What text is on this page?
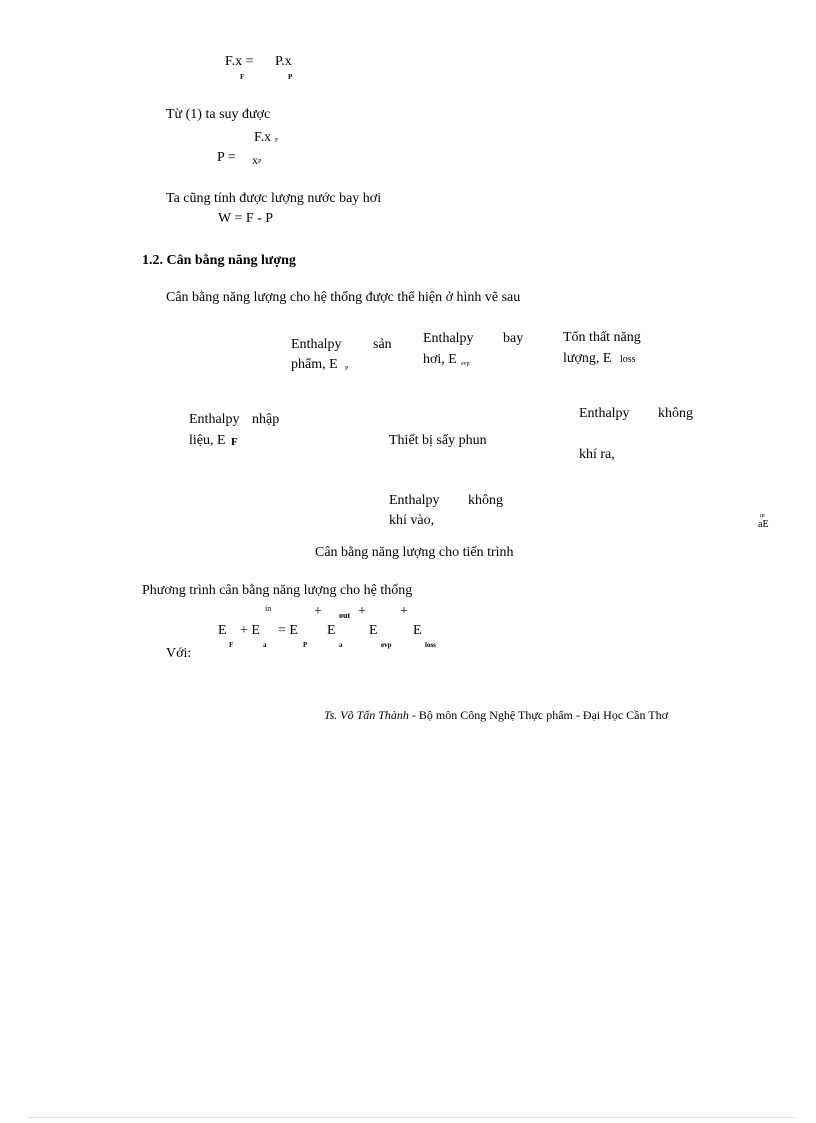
F.x = P.x
F	P
Từ (1) ta suy được
F.x F
P = x P
Ta cũng tính được lượng nước bay hơi
W = F - P
1.2. Cân bằng năng lượng
Cân bằng năng lượng cho hệ thống được thể hiện ở hình vẽ sau
Enthalpy sản
phẩm, E P
Enthalpy bay
hơi, E evp
Tổn thất năng
lượng, E loss
Enthalpy nhập
liệu, E F	Thiết bị sấy phun
Enthalpy không
khí ra,
Enthalpy không
khí vào,	in
aE
Cân bằng năng lượng cho tiến trình
Phương trình cân bằng năng lượng cho hệ thống
in	+ out + +
E + E = E E E	E
F	a	P	a	evp	loss
Với:
Ts. Võ Tấn Thành - Bộ môn Công Nghệ Thực phẩm - Đại Học Cần Thơ
